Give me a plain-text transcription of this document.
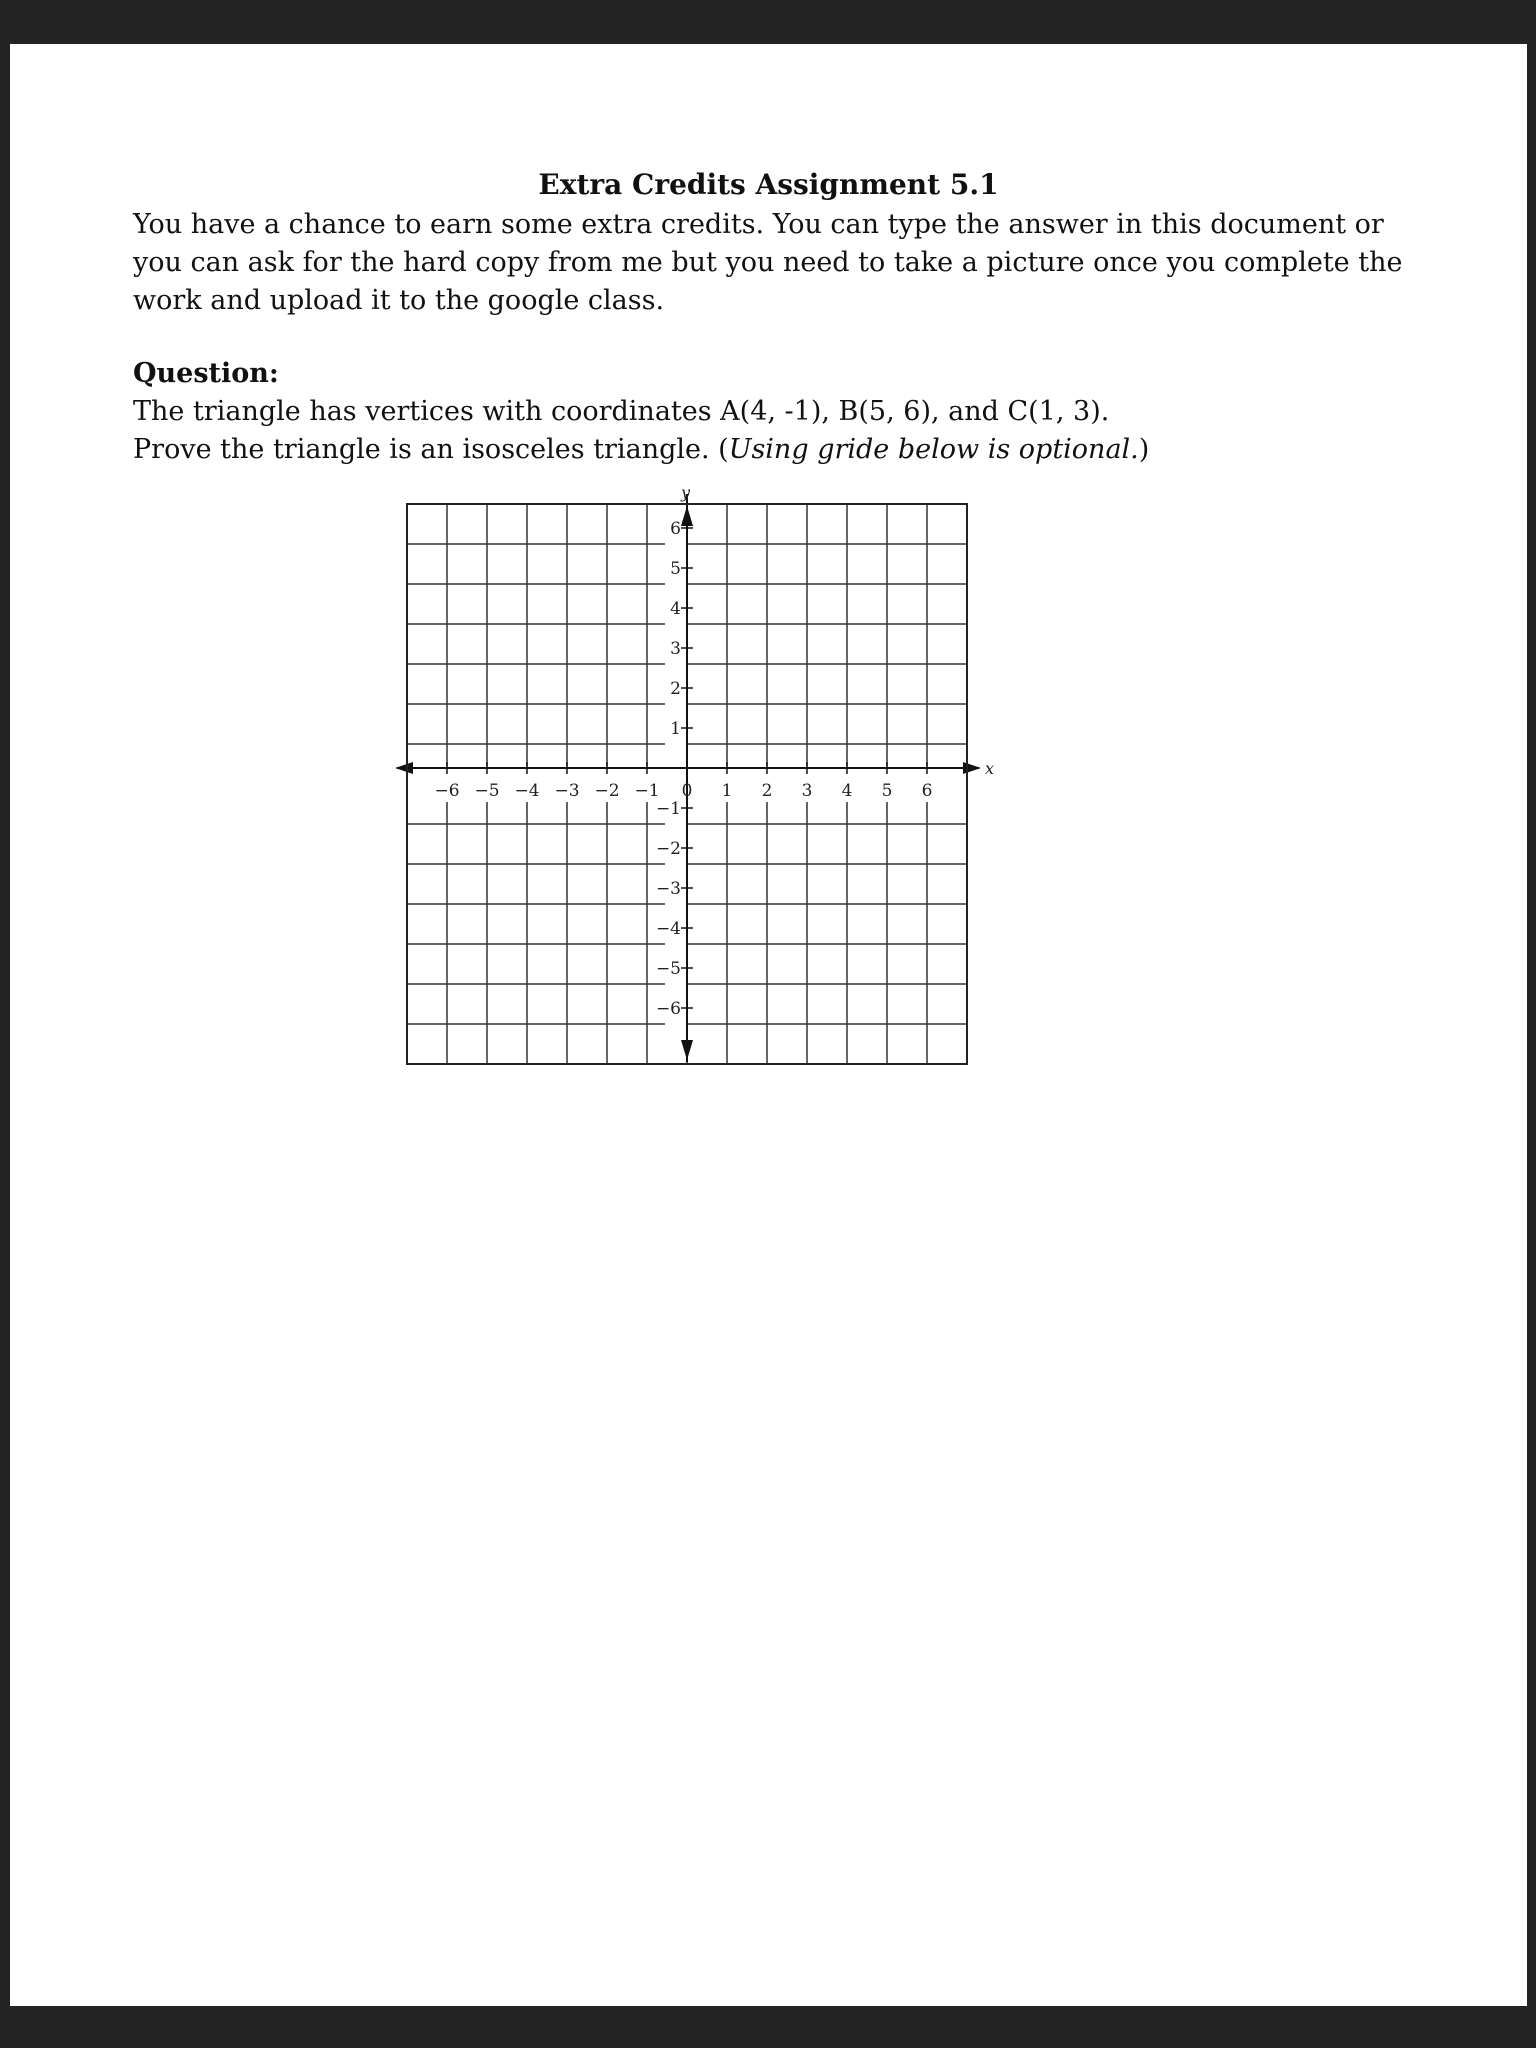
Extra Credits Assignment 5.1

You have a chance to earn some extra credits. You can type the answer in this document or you can ask for the hard copy from me but you need to take a picture once you complete the work and upload it to the google class.

Question:
The triangle has vertices with coordinates A(4, -1), B(5, 6), and C(1, 3).
Prove the triangle is an isosceles triangle. (Using gride below is optional.)
y
x
−6 −5 −4 −3 −2 −1 0 1 2 3 4 5 6
6
5
4
3
2
1
−1
−2
−3
−4
−5
−6
